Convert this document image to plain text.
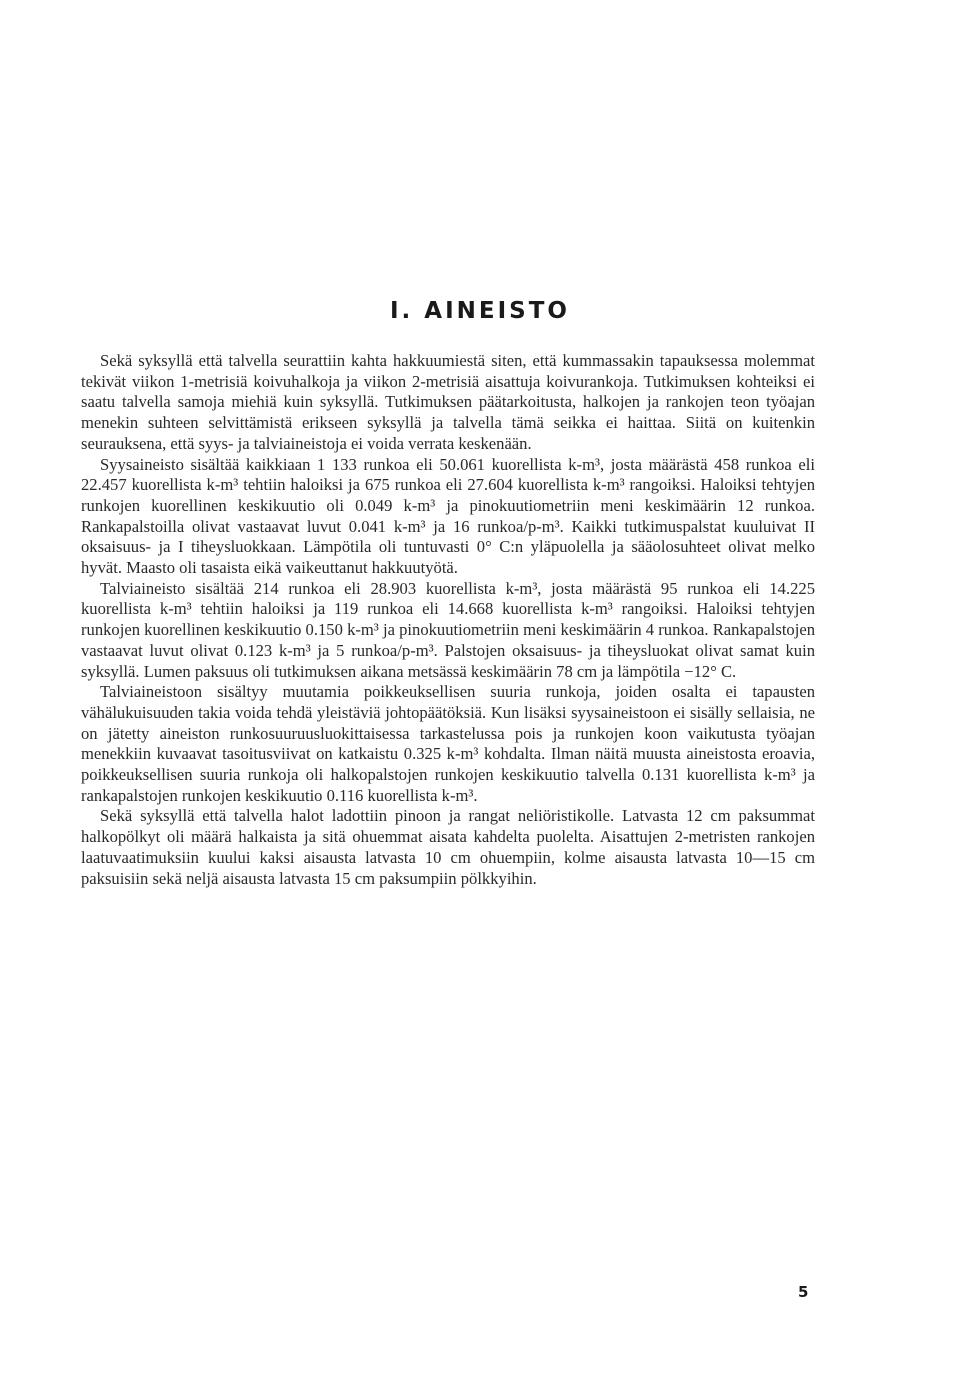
I. AINEISTO

Sekä syksyllä että talvella seurattiin kahta hakkuumiestä siten, että kummassakin tapauksessa molemmat tekivät viikon 1-metrisiä koivuhalkoja ja viikon 2-metrisiä aisattuja koivurankoja. Tutkimuksen kohteiksi ei saatu talvella samoja miehiä kuin syksyllä. Tutkimuksen päätarkoitusta, halkojen ja rankojen teon työajan menekin suhteen selvittämistä erikseen syksyllä ja talvella tämä seikka ei haittaa. Siitä on kuitenkin seurauksena, että syys- ja talviaineistoja ei voida verrata keskenään.

Syysaineisto sisältää kaikkiaan 1 133 runkoa eli 50.061 kuorellista k-m³, josta määrästä 458 runkoa eli 22.457 kuorellista k-m³ tehtiin haloiksi ja 675 runkoa eli 27.604 kuorellista k-m³ rangoiksi. Haloiksi tehtyjen runkojen kuorellinen keskikuutio oli 0.049 k-m³ ja pinokuutiometriin meni keskimäärin 12 runkoa. Rankapalstoilla olivat vastaavat luvut 0.041 k-m³ ja 16 runkoa/p-m³. Kaikki tutkimuspalstat kuuluivat II oksaisuus- ja I tiheysluokkaan. Lämpötila oli tuntuvasti 0° C:n yläpuolella ja sääolosuhteet olivat melko hyvät. Maasto oli tasaista eikä vaikeuttanut hakkuutyötä.

Talviaineisto sisältää 214 runkoa eli 28.903 kuorellista k-m³, josta määrästä 95 runkoa eli 14.225 kuorellista k-m³ tehtiin haloiksi ja 119 runkoa eli 14.668 kuorellista k-m³ rangoiksi. Haloiksi tehtyjen runkojen kuorellinen keskikuutio 0.150 k-m³ ja pinokuutiometriin meni keskimäärin 4 runkoa. Rankapalstojen vastaavat luvut olivat 0.123 k-m³ ja 5 runkoa/p-m³. Palstojen oksaisuus- ja tiheysluokat olivat samat kuin syksyllä. Lumen paksuus oli tutkimuksen aikana metsässä keskimäärin 78 cm ja lämpötila −12° C.

Talviaineistoon sisältyy muutamia poikkeuksellisen suuria runkoja, joiden osalta ei tapausten vähälukuisuuden takia voida tehdä yleistäviä johtopäätöksiä. Kun lisäksi syysaineistoon ei sisälly sellaisia, ne on jätetty aineiston runkosuuruusluokittaisessa tarkastelussa pois ja runkojen koon vaikutusta työajan menekkiin kuvaavat tasoitusviivat on katkaistu 0.325 k-m³ kohdalta. Ilman näitä muusta aineistosta eroavia, poikkeuksellisen suuria runkoja oli halkopalstojen runkojen keskikuutio talvella 0.131 kuorellista k-m³ ja rankapalstojen runkojen keskikuutio 0.116 kuorellista k-m³.

Sekä syksyllä että talvella halot ladottiin pinoon ja rangat neliöristikolle. Latvasta 12 cm paksummat halkopölkyt oli määrä halkaista ja sitä ohuemmat aisata kahdelta puolelta. Aisattujen 2-metristen rankojen laatuvaatimuksiin kuului kaksi aisausta latvasta 10 cm ohuempiin, kolme aisausta latvasta 10—15 cm paksuisiin sekä neljä aisausta latvasta 15 cm paksumpiin pölkkyihin.

5
